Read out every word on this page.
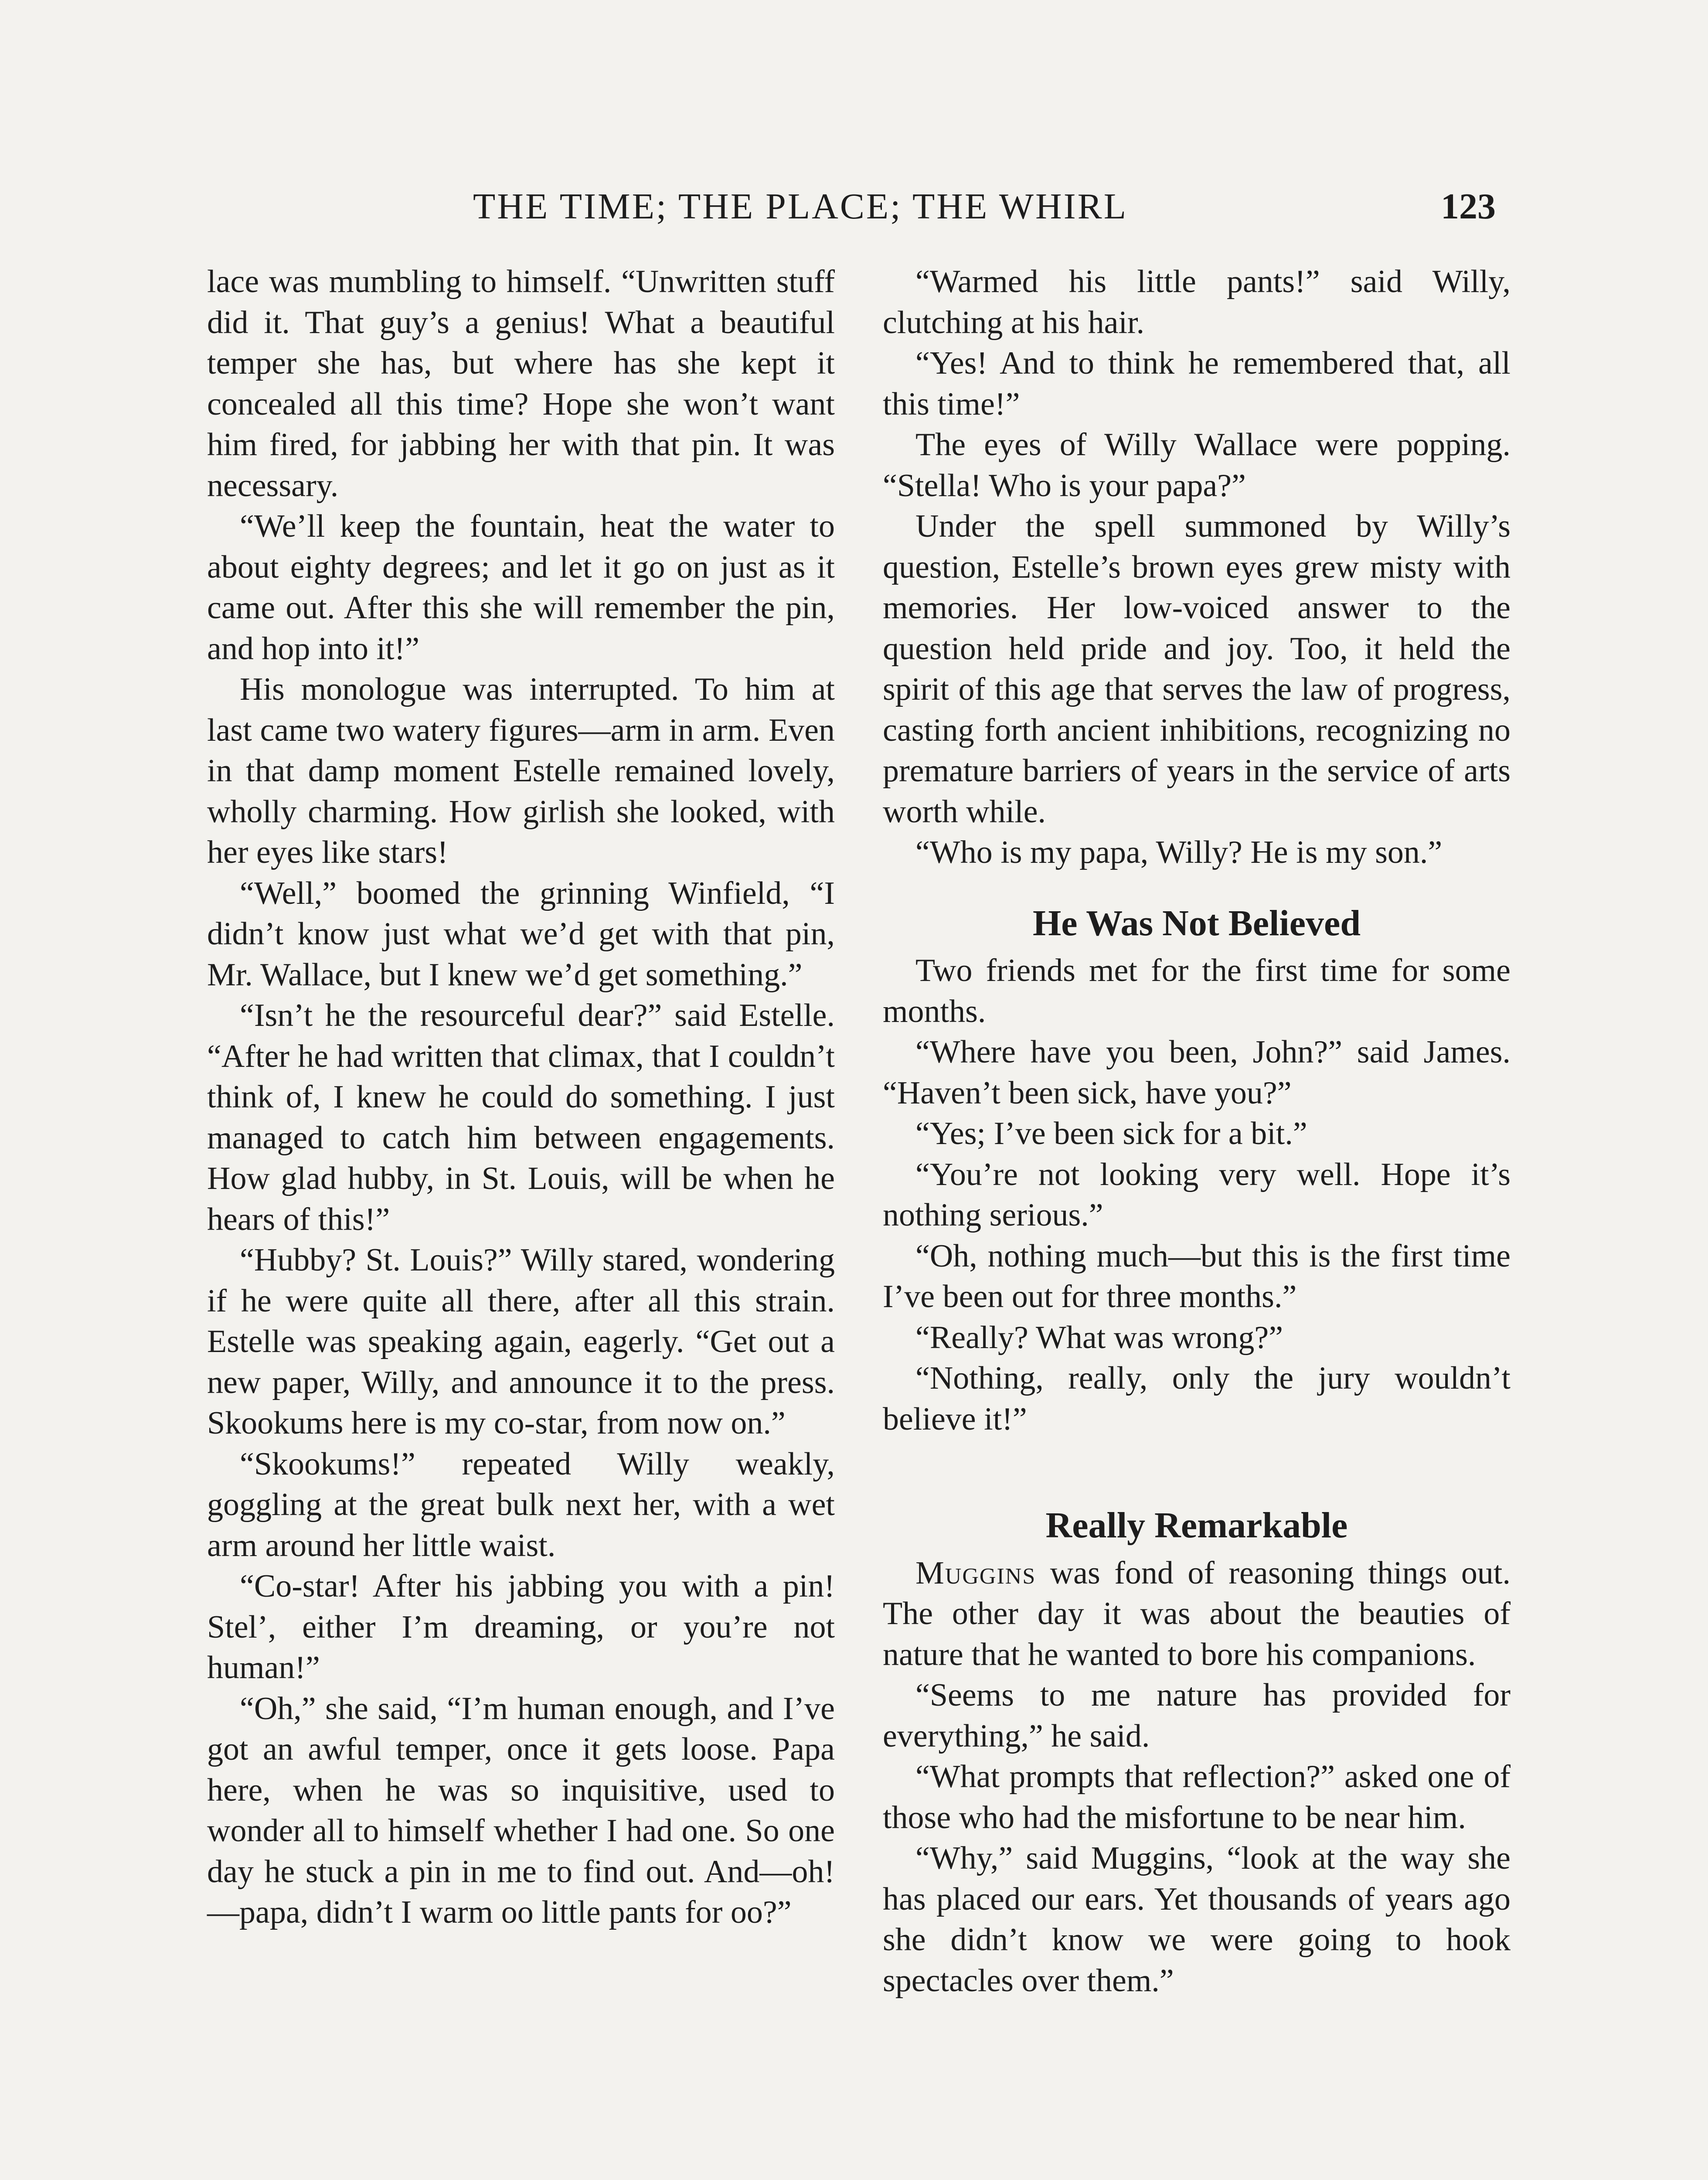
THE TIME; THE PLACE; THE WHIRL	123

lace was mumbling to himself. “Unwritten stuff did it. That guy’s a genius! What a beautiful temper she has, but where has she kept it concealed all this time? Hope she won’t want him fired, for jabbing her with that pin. It was necessary.

“We’ll keep the fountain, heat the water to about eighty degrees; and let it go on just as it came out. After this she will remember the pin, and hop into it!”

His monologue was interrupted. To him at last came two watery figures—arm in arm. Even in that damp moment Estelle remained lovely, wholly charming. How girlish she looked, with her eyes like stars!

“Well,” boomed the grinning Winfield, “I didn’t know just what we’d get with that pin, Mr. Wallace, but I knew we’d get something.”

“Isn’t he the resourceful dear?” said Estelle. “After he had written that climax, that I couldn’t think of, I knew he could do something. I just managed to catch him between engagements. How glad hubby, in St. Louis, will be when he hears of this!”

“Hubby? St. Louis?” Willy stared, wondering if he were quite all there, after all this strain. Estelle was speaking again, eagerly. “Get out a new paper, Willy, and announce it to the press. Skookums here is my co-star, from now on.”

“Skookums!” repeated Willy weakly, goggling at the great bulk next her, with a wet arm around her little waist.

“Co-star! After his jabbing you with a pin! Stel’, either I’m dreaming, or you’re not human!”

“Oh,” she said, “I’m human enough, and I’ve got an awful temper, once it gets loose. Papa here, when he was so inquisitive, used to wonder all to himself whether I had one. So one day he stuck a pin in me to find out. And—oh!—papa, didn’t I warm oo little pants for oo?”

“Warmed his little pants!” said Willy, clutching at his hair.

“Yes! And to think he remembered that, all this time!”

The eyes of Willy Wallace were popping. “Stella! Who is your papa?”

Under the spell summoned by Willy’s question, Estelle’s brown eyes grew misty with memories. Her low-voiced answer to the question held pride and joy. Too, it held the spirit of this age that serves the law of progress, casting forth ancient inhibitions, recognizing no premature barriers of years in the service of arts worth while.

“Who is my papa, Willy? He is my son.”

He Was Not Believed

Two friends met for the first time for some months.

“Where have you been, John?” said James. “Haven’t been sick, have you?”

“Yes; I’ve been sick for a bit.”

“You’re not looking very well. Hope it’s nothing serious.”

“Oh, nothing much—but this is the first time I’ve been out for three months.”

“Really? What was wrong?”

“Nothing, really, only the jury wouldn’t believe it!”

Really Remarkable

Muggins was fond of reasoning things out. The other day it was about the beauties of nature that he wanted to bore his companions.

“Seems to me nature has provided for everything,” he said.

“What prompts that reflection?” asked one of those who had the misfortune to be near him.

“Why,” said Muggins, “look at the way she has placed our ears. Yet thousands of years ago she didn’t know we were going to hook spectacles over them.”
